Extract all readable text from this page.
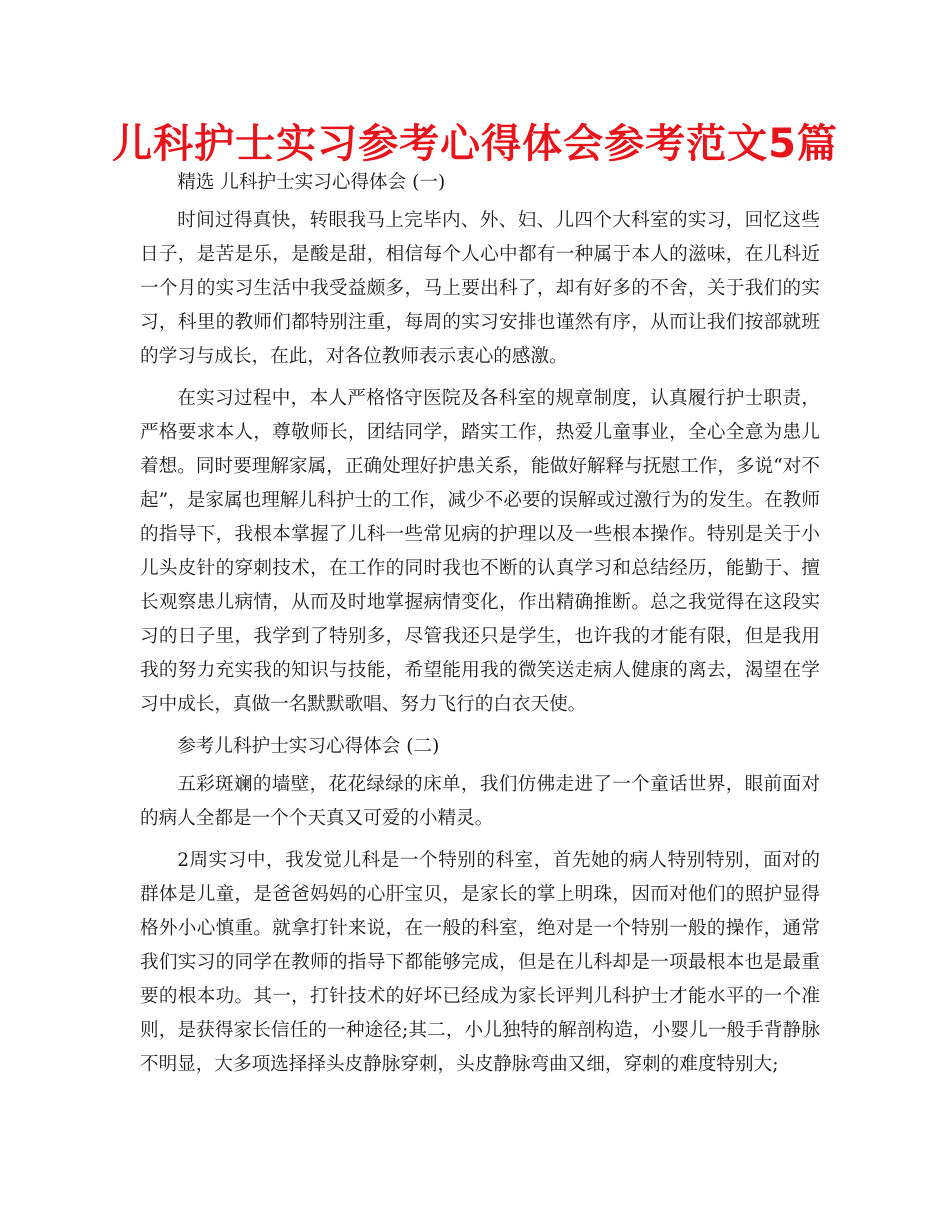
儿科护士实习参考心得体会参考范文5篇

精选 儿科护士实习心得体会 (一)

时间过得真快，转眼我马上完毕内、外、妇、儿四个大科室的实习，回忆这些日子，是苦是乐，是酸是甜，相信每个人心中都有一种属于本人的滋味，在儿科近一个月的实习生活中我受益颇多，马上要出科了，却有好多的不舍，关于我们的实习，科里的教师们都特别注重，每周的实习安排也谨然有序，从而让我们按部就班的学习与成长，在此，对各位教师表示衷心的感激。

在实习过程中，本人严格恪守医院及各科室的规章制度，认真履行护士职责，严格要求本人，尊敬师长，团结同学，踏实工作，热爱儿童事业，全心全意为患儿着想。同时要理解家属，正确处理好护患关系，能做好解释与抚慰工作，多说“对不起”，是家属也理解儿科护士的工作，减少不必要的误解或过激行为的发生。在教师的指导下，我根本掌握了儿科一些常见病的护理以及一些根本操作。特别是关于小儿头皮针的穿刺技术，在工作的同时我也不断的认真学习和总结经历，能勤于、擅长观察患儿病情，从而及时地掌握病情变化，作出精确推断。总之我觉得在这段实习的日子里，我学到了特别多，尽管我还只是学生，也许我的才能有限，但是我用我的努力充实我的知识与技能，希望能用我的微笑送走病人健康的离去，渴望在学习中成长，真做一名默默歌唱、努力飞行的白衣天使。

参考儿科护士实习心得体会 (二)

五彩斑斓的墙壁，花花绿绿的床单，我们仿佛走进了一个童话世界，眼前面对的病人全都是一个个天真又可爱的小精灵。

2周实习中，我发觉儿科是一个特别的科室，首先她的病人特别特别，面对的群体是儿童，是爸爸妈妈的心肝宝贝，是家长的掌上明珠，因而对他们的照护显得格外小心慎重。就拿打针来说，在一般的科室，绝对是一个特别一般的操作，通常我们实习的同学在教师的指导下都能够完成，但是在儿科却是一项最根本也是最重要的根本功。其一，打针技术的好坏已经成为家长评判儿科护士才能水平的一个准则，是获得家长信任的一种途径;其二，小儿独特的解剖构造，小婴儿一般手背静脉不明显，大多项选择择头皮静脉穿刺，头皮静脉弯曲又细，穿刺的难度特别大;
